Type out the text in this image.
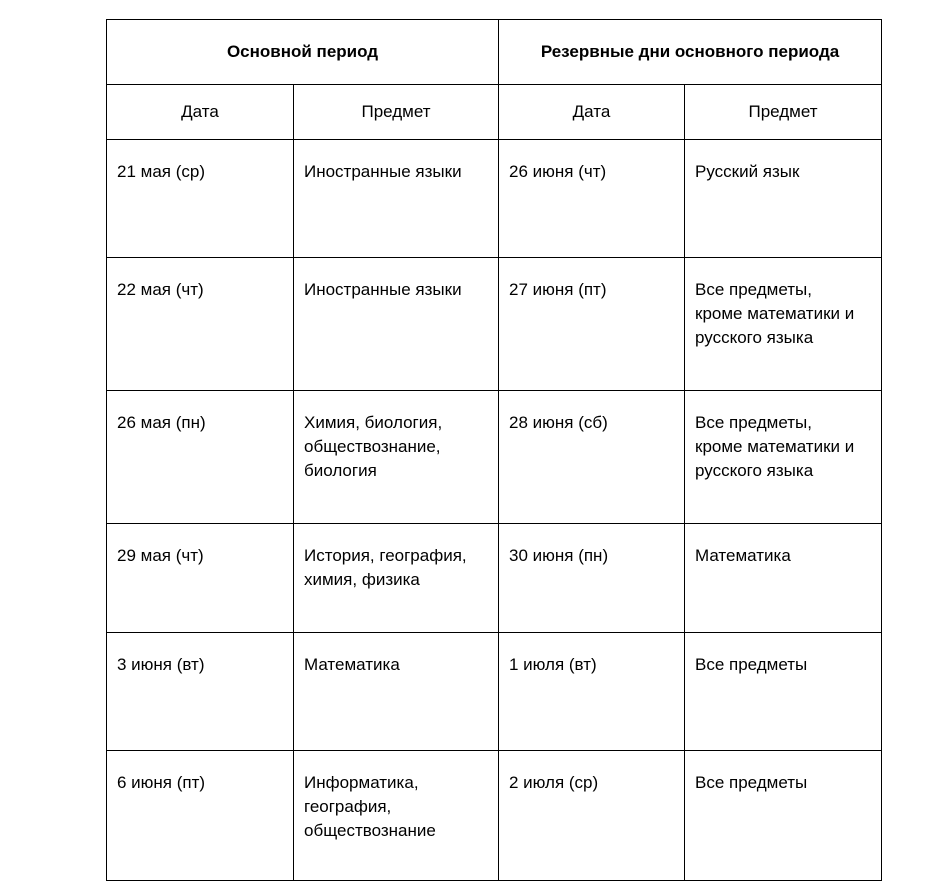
Основной период		Резервные дни основного периода	
Дата	Предмет	Дата	Предмет
21 мая (ср)	Иностранные языки	26 июня (чт)	Русский язык
22 мая (чт)	Иностранные языки	27 июня (пт)	Все предметы,
кроме математики и
русского языка
26 мая (пн)	Химия, биология,
обществознание,
биология	28 июня (сб)	Все предметы,
кроме математики и
русского языка
29 мая (чт)	История, география,
химия, физика	30 июня (пн)	Математика
3 июня (вт)	Математика	1 июля (вт)	Все предметы
6 июня (пт)	Информатика,
география,
обществознание	2 июля (ср)	Все предметы
